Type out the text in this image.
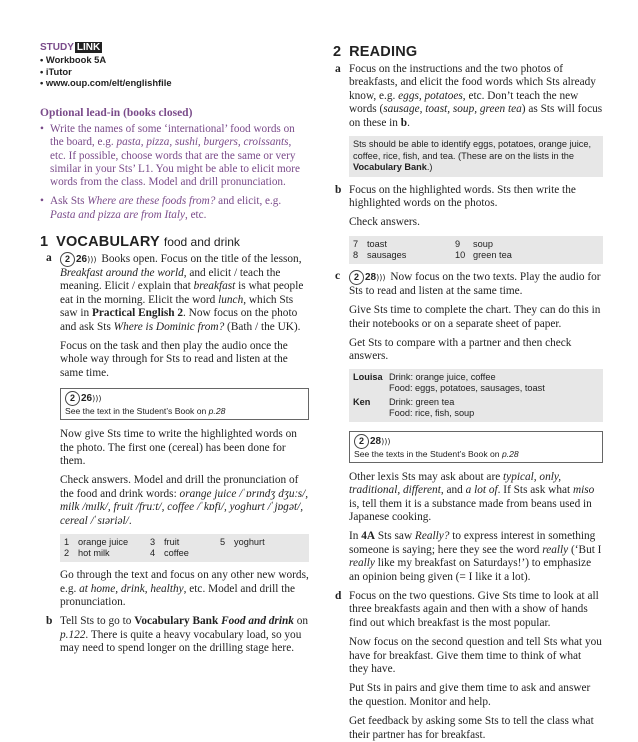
STUDY LINK
• Workbook 5A
• iTutor
• www.oup.com/elt/englishfile
Optional lead-in (books closed)
• Write the names of some ‘international’ food words on the board, e.g. pasta, pizza, sushi, burgers, croissants, etc. If possible, choose words that are the same or very similar in your Sts’ L1. You might be able to elicit more words from the class. Model and drill pronunciation.
• Ask Sts Where are these foods from? and elicit, e.g. Pasta and pizza are from Italy, etc.
1 VOCABULARY food and drink
a	2 26))) Books open. Focus on the title of the lesson, Breakfast around the world, and elicit / teach the meaning. Elicit / explain that breakfast is what people eat in the morning. Elicit the word lunch, which Sts saw in Practical English 2. Now focus on the photo and ask Sts Where is Dominic from? (Bath / the UK).

Focus on the task and then play the audio once the whole way through for Sts to read and listen at the same time.

2 26)))
See the text in the Student’s Book on p.28

Now give Sts time to write the highlighted words on the photo. The first one (cereal) has been done for them.

Check answers. Model and drill the pronunciation of the food and drink words: orange juice /ˈɒrɪndʒ dʒuːs/, milk /mɪlk/, fruit /fruːt/, coffee /ˈkɒfi/, yoghurt /ˈjɒɡət/, cereal /ˈsɪəriəl/.

1	orange juice	3	fruit	5	yoghurt
2	hot milk	4	coffee		

Go through the text and focus on any other new words, e.g. at home, drink, healthy, etc. Model and drill the pronunciation.

b Tell Sts to go to Vocabulary Bank Food and drink on p.122. There is quite a heavy vocabulary load, so you may need to spend longer on the drilling stage here.

2 READING
a Focus on the instructions and the two photos of breakfasts, and elicit the food words which Sts already know, e.g. eggs, potatoes, etc. Don’t teach the new words (sausage, toast, soup, green tea) as Sts will focus on these in b.

Sts should be able to identify eggs, potatoes, orange juice, coffee, rice, fish, and tea. (These are on the lists in the Vocabulary Bank.)
b Focus on the highlighted words. Sts then write the highlighted words on the photos.

Check answers.

7	toast	9	soup
8	sausages	10	green tea
c	2 28))) Now focus on the two texts. Play the audio for Sts to read and listen at the same time.

Give Sts time to complete the chart. They can do this in their notebooks or on a separate sheet of paper.

Get Sts to compare with a partner and then check answers.

Louisa	Drink: orange juice, coffee
	Food: eggs, potatoes, sausages, toast
Ken	Drink: green tea
	Food: rice, fish, soup
2 28)))
See the texts in the Student’s Book on p.28

Other lexis Sts may ask about are typical, only, traditional, different, and a lot of. If Sts ask what miso is, tell them it is a substance made from beans used in Japanese cooking.

In 4A Sts saw Really? to express interest in something someone is saying; here they see the word really (‘But I really like my breakfast on Saturdays!’) to emphasize an opinion being given (= I like it a lot).

d Focus on the two questions. Give Sts time to look at all three breakfasts again and then with a show of hands find out which breakfast is the most popular.

Now focus on the second question and tell Sts what you have for breakfast. Give them time to think of what they have.

Put Sts in pairs and give them time to ask and answer the question. Monitor and help.

Get feedback by asking some Sts to tell the class what their partner has for breakfast.
